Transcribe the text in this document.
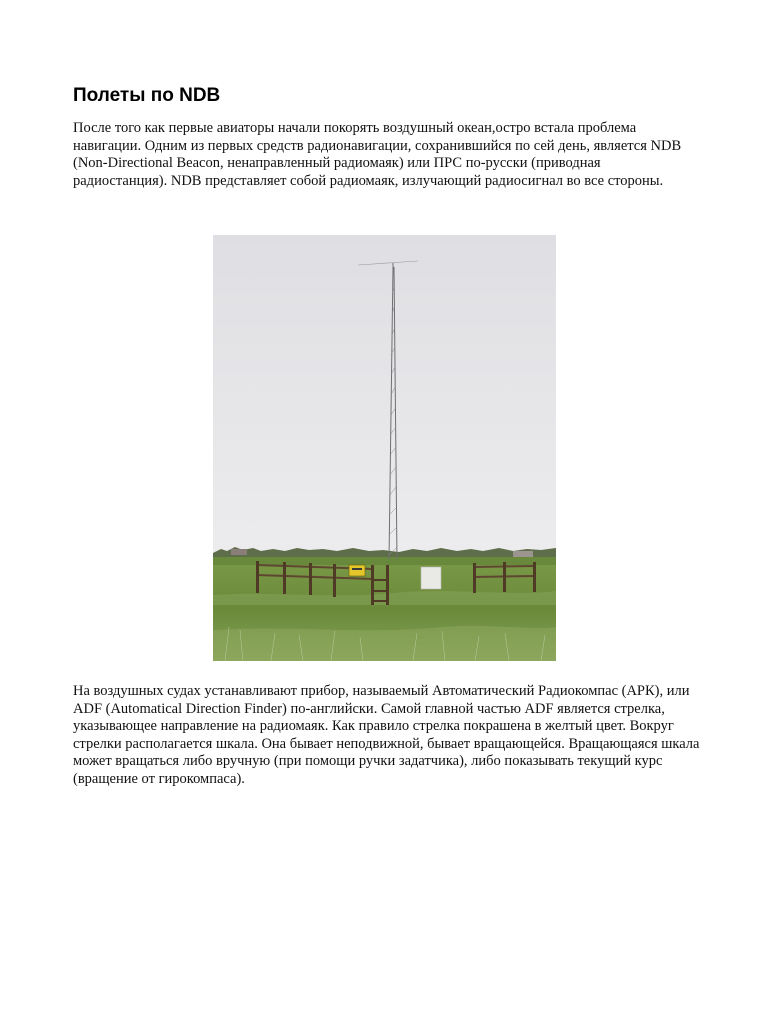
Полеты по NDB

После того как первые авиаторы начали покорять воздушный океан,остро встала проблема навигации. Одним из первых средств радионавигации, сохранившийся по сей день, является NDB (Non-Directional Beacon, ненаправленный радиомаяк) или ПРС по-русски (приводная радиостанция). NDB представляет собой радиомаяк, излучающий радиосигнал во все стороны.

На воздушных судах устанавливают прибор, называемый Автоматический Радиокомпас (АРК), или ADF (Automatical Direction Finder) по-английски. Самой главной частью ADF является стрелка, указывающее направление на радиомаяк. Как правило стрелка покрашена в желтый цвет. Вокруг стрелки располагается шкала. Она бывает неподвижной, бывает вращающейся. Вращающаяся шкала может вращаться либо вручную (при помощи ручки задатчика), либо показывать текущий курс (вращение от гирокомпаса).
